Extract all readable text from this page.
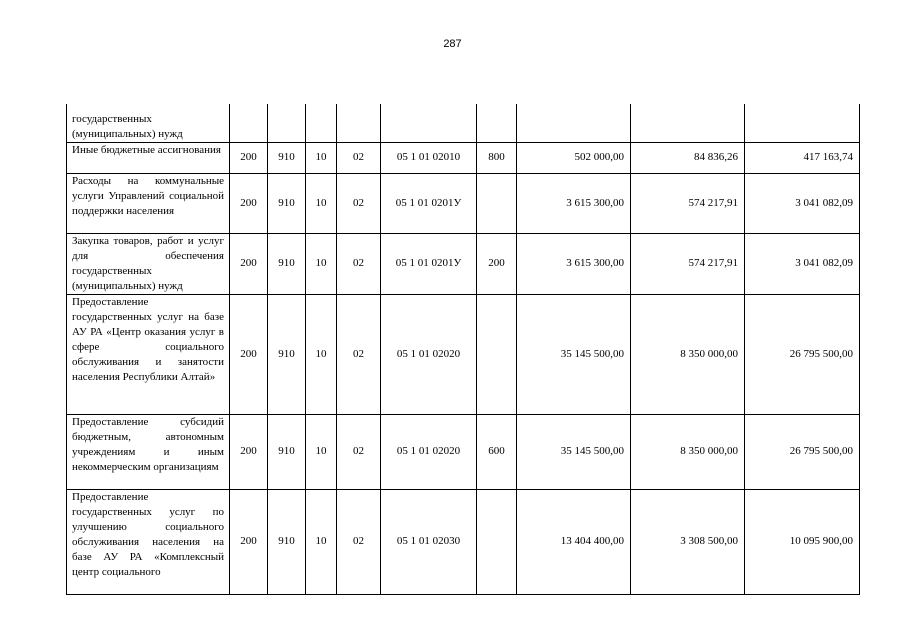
287
государственных (муниципальных) нужд									
Иные бюджетные ассигнования	200	910	10	02	05 1 01 02010	800	502 000,00	84 836,26	417 163,74
Расходы на коммунальные услуги Управлений социальной поддержки населения	200	910	10	02	05 1 01 0201У		3 615 300,00	574 217,91	3 041 082,09
Закупка товаров, работ и услуг для обеспечения государственных (муниципальных) нужд	200	910	10	02	05 1 01 0201У	200	3 615 300,00	574 217,91	3 041 082,09
Предоставление государственных услуг на базе АУ РА «Центр оказания услуг в сфере социального обслуживания и занятости населения Республики Алтай»	200	910	10	02	05 1 01 02020		35 145 500,00	8 350 000,00	26 795 500,00
Предоставление субсидий бюджетным, автономным учреждениям и иным некоммерческим организациям	200	910	10	02	05 1 01 02020	600	35 145 500,00	8 350 000,00	26 795 500,00
Предоставление государственных услуг по улучшению социального обслуживания населения на базе АУ РА «Комплексный центр социального	200	910	10	02	05 1 01 02030		13 404 400,00	3 308 500,00	10 095 900,00
